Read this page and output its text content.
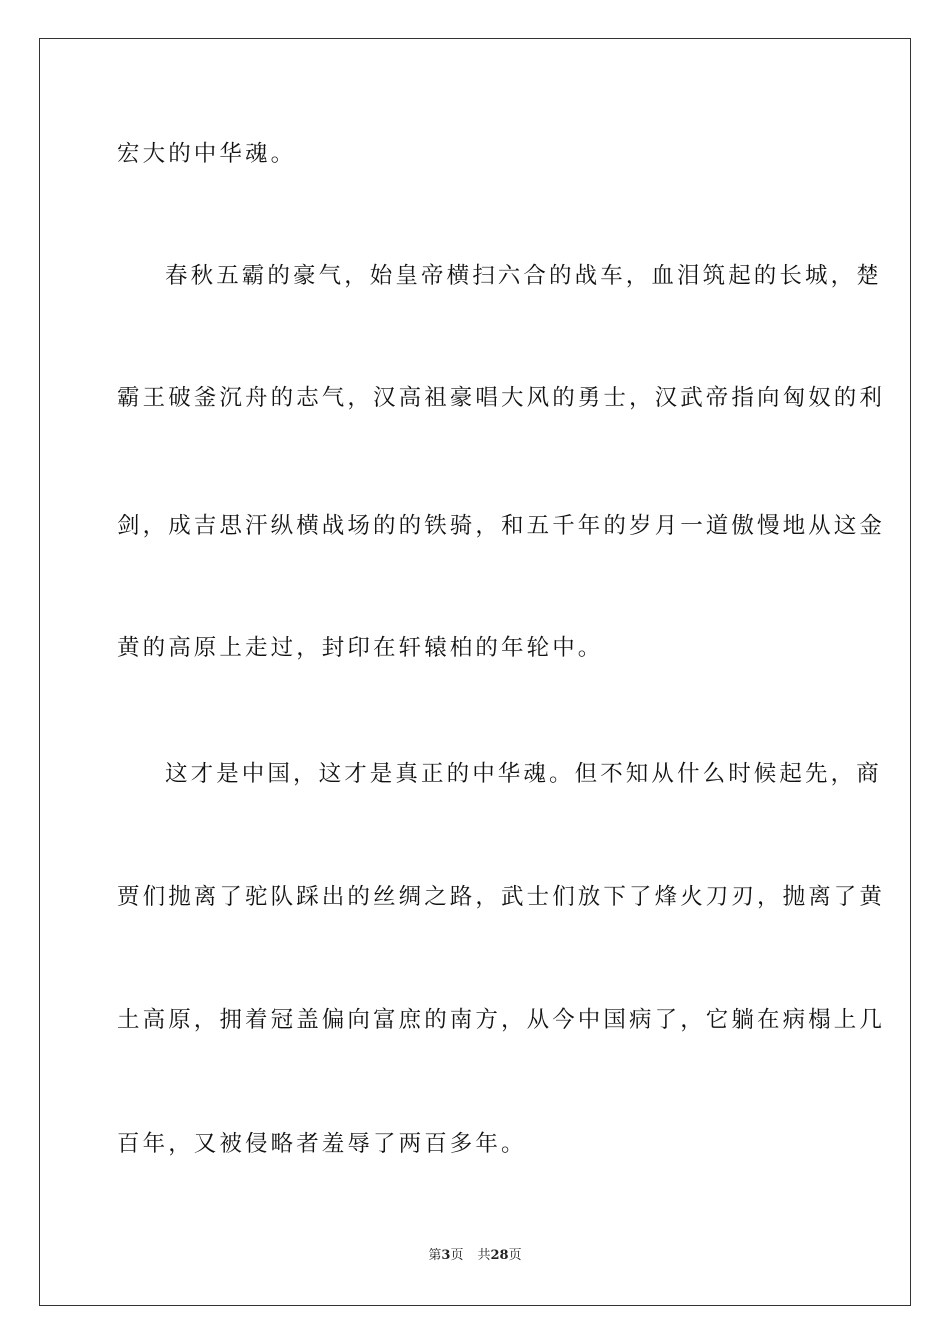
宏大的中华魂。
春秋五霸的豪气，始皇帝横扫六合的战车，血泪筑起的长城，楚
霸王破釜沉舟的志气，汉高祖豪唱大风的勇士，汉武帝指向匈奴的利
剑，成吉思汗纵横战场的的铁骑，和五千年的岁月一道傲慢地从这金
黄的高原上走过，封印在轩辕柏的年轮中。
这才是中国，这才是真正的中华魂。但不知从什么时候起先，商
贾们抛离了驼队踩出的丝绸之路，武士们放下了烽火刀刃，抛离了黄
土高原，拥着冠盖偏向富庶的南方，从今中国病了，它躺在病榻上几
百年，又被侵略者羞辱了两百多年。
第3页 共28页
